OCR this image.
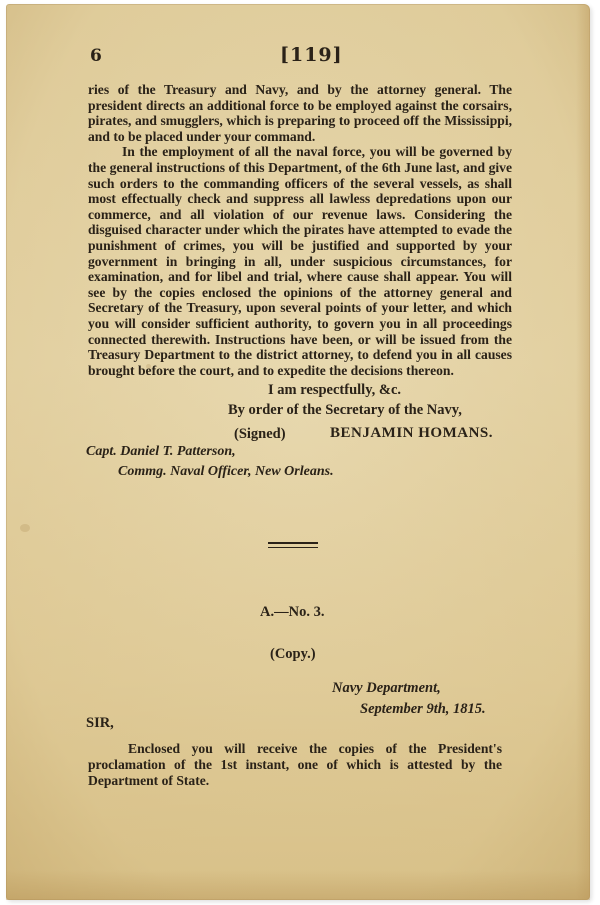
6	[119]

ries of the Treasury and Navy, and by the attorney general. The president directs an additional force to be employed against the corsairs, pirates, and smugglers, which is preparing to proceed off the Mississippi, and to be placed under your command.

In the employment of all the naval force, you will be governed by the general instructions of this Department, of the 6th June last, and give such orders to the commanding officers of the several vessels, as shall most effectually check and suppress all lawless depredations upon our commerce, and all violation of our revenue laws. Considering the disguised character under which the pirates have attempted to evade the punishment of crimes, you will be justified and supported by your government in bringing in all, under suspicious circumstances, for examination, and for libel and trial, where cause shall appear. You will see by the copies enclosed the opinions of the attorney general and Secretary of the Treasury, upon several points of your letter, and which you will consider sufficient authority, to govern you in all proceedings connected therewith. Instructions have been, or will be issued from the Treasury Department to the district attorney, to defend you in all causes brought before the court, and to expedite the decisions thereon.

I am respectfully, &c.
By order of the Secretary of the Navy,
(Signed)	BENJAMIN HOMANS.
Capt. Daniel T. Patterson,
Commg. Naval Officer, New Orleans.
A.—No. 3.
(Copy.)
Navy Department,
September 9th, 1815.
SIR,

Enclosed you will receive the copies of the President's proclamation of the 1st instant, one of which is attested by the Department of State.
